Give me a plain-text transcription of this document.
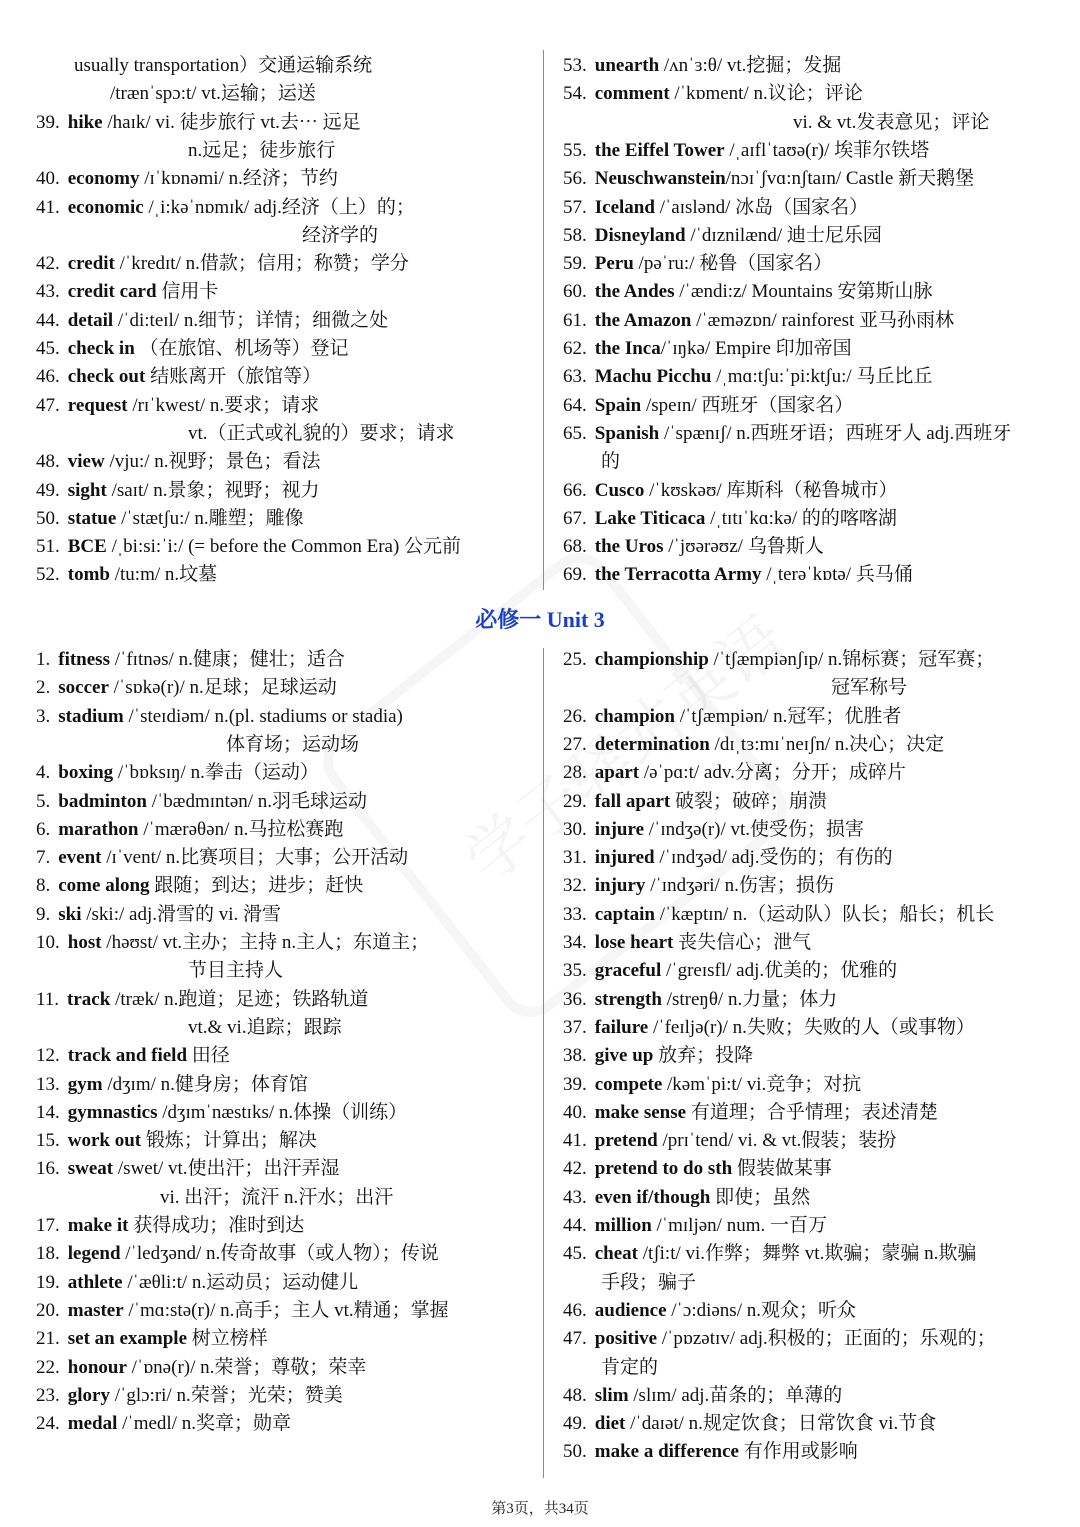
usually transportation）交通运输系统
/trænˈspɔ:t/ vt.运输；运送
39. hike /haɪk/ vi. 徒步旅行 vt.去⋯ 远足
n.远足；徒步旅行
40. economy /ɪˈkɒnəmi/ n.经济；节约
41. economic /ˌi:kəˈnɒmɪk/ adj.经济（上）的；
经济学的
42. credit /ˈkredɪt/ n.借款；信用；称赞；学分
43. credit card 信用卡
44. detail /ˈdi:teɪl/ n.细节；详情；细微之处
45. check in （在旅馆、机场等）登记
46. check out 结账离开（旅馆等）
47. request /rɪˈkwest/ n.要求；请求
vt.（正式或礼貌的）要求；请求
48. view /vju:/ n.视野；景色；看法
49. sight /saɪt/ n.景象；视野；视力
50. statue /ˈstætʃu:/ n.雕塑；雕像
51. BCE /ˌbi:si:ˈi:/ (= before the Common Era) 公元前
52. tomb /tu:m/ n.坟墓
53. unearth /ʌnˈɜ:θ/ vt.挖掘；发掘
54. comment /ˈkɒment/ n.议论；评论
vi. & vt.发表意见；评论
55. the Eiffel Tower /ˌaɪflˈtaʊə(r)/ 埃菲尔铁塔
56. Neuschwanstein/nɔɪˈʃvɑ:nʃtaɪn/ Castle 新天鹅堡
57. Iceland /ˈaɪslənd/ 冰岛（国家名）
58. Disneyland /ˈdɪznilænd/ 迪士尼乐园
59. Peru /pəˈru:/ 秘鲁（国家名）
60. the Andes /ˈændi:z/ Mountains 安第斯山脉
61. the Amazon /ˈæməzɒn/ rainforest 亚马孙雨林
62. the Inca/ˈɪŋkə/ Empire 印加帝国
63. Machu Picchu /ˌmɑ:tʃu:ˈpi:ktʃu:/ 马丘比丘
64. Spain /speɪn/ 西班牙（国家名）
65. Spanish /ˈspænɪʃ/ n.西班牙语；西班牙人 adj.西班牙
的
66. Cusco /ˈkʊskəʊ/ 库斯科（秘鲁城市）
67. Lake Titicaca /ˌtɪtɪˈkɑ:kə/ 的的喀喀湖
68. the Uros /ˈjʊərəʊz/ 乌鲁斯人
69. the Terracotta Army /ˌterəˈkɒtə/ 兵马俑
必修一 Unit 3
1. fitness /ˈfɪtnəs/ n.健康；健壮；适合
2. soccer /ˈsɒkə(r)/ n.足球；足球运动
3. stadium /ˈsteɪdiəm/ n.(pl. stadiums or stadia)
体育场；运动场
4. boxing /ˈbɒksɪŋ/ n.拳击（运动）
5. badminton /ˈbædmɪntən/ n.羽毛球运动
6. marathon /ˈmærəθən/ n.马拉松赛跑
7. event /ɪˈvent/ n.比赛项目；大事；公开活动
8. come along 跟随；到达；进步；赶快
9. ski /ski:/ adj.滑雪的 vi. 滑雪
10. host /həʊst/ vt.主办；主持 n.主人；东道主；
节目主持人
11. track /træk/ n.跑道；足迹；铁路轨道
vt.& vi.追踪；跟踪
12. track and field 田径
13. gym /dʒɪm/ n.健身房；体育馆
14. gymnastics /dʒɪmˈnæstɪks/ n.体操（训练）
15. work out 锻炼；计算出；解决
16. sweat /swet/ vt.使出汗；出汗弄湿
vi. 出汗；流汗 n.汗水；出汗
17. make it 获得成功；准时到达
18. legend /ˈledʒənd/ n.传奇故事（或人物）；传说
19. athlete /ˈæθli:t/ n.运动员；运动健儿
20. master /ˈmɑ:stə(r)/ n.高手；主人 vt.精通；掌握
21. set an example 树立榜样
22. honour /ˈɒnə(r)/ n.荣誉；尊敬；荣幸
23. glory /ˈglɔ:ri/ n.荣誉；光荣；赞美
24. medal /ˈmedl/ n.奖章；勋章
25. championship /ˈtʃæmpiənʃɪp/ n.锦标赛；冠军赛；
冠军称号
26. champion /ˈtʃæmpiən/ n.冠军；优胜者
27. determination /dɪˌtɜ:mɪˈneɪʃn/ n.决心；决定
28. apart /əˈpɑ:t/ adv.分离；分开；成碎片
29. fall apart 破裂；破碎；崩溃
30. injure /ˈɪndʒə(r)/ vt.使受伤；损害
31. injured /ˈɪndʒəd/ adj.受伤的；有伤的
32. injury /ˈɪndʒəri/ n.伤害；损伤
33. captain /ˈkæptɪn/ n.（运动队）队长；船长；机长
34. lose heart 丧失信心；泄气
35. graceful /ˈgreɪsfl/ adj.优美的；优雅的
36. strength /streŋθ/ n.力量；体力
37. failure /ˈfeɪljə(r)/ n.失败；失败的人（或事物）
38. give up 放弃；投降
39. compete /kəmˈpi:t/ vi.竞争；对抗
40. make sense 有道理；合乎情理；表述清楚
41. pretend /prɪˈtend/ vi. & vt.假装；装扮
42. pretend to do sth 假装做某事
43. even if/though 即使；虽然
44. million /ˈmɪljən/ num. 一百万
45. cheat /tʃi:t/ vi.作弊；舞弊 vt.欺骗；蒙骗 n.欺骗
手段；骗子
46. audience /ˈɔ:diəns/ n.观众；听众
47. positive /ˈpɒzətɪv/ adj.积极的；正面的；乐观的；
肯定的
48. slim /slɪm/ adj.苗条的；单薄的
49. diet /ˈdaɪət/ n.规定饮食；日常饮食 vi.节食
50. make a difference 有作用或影响
第3页，共34页
